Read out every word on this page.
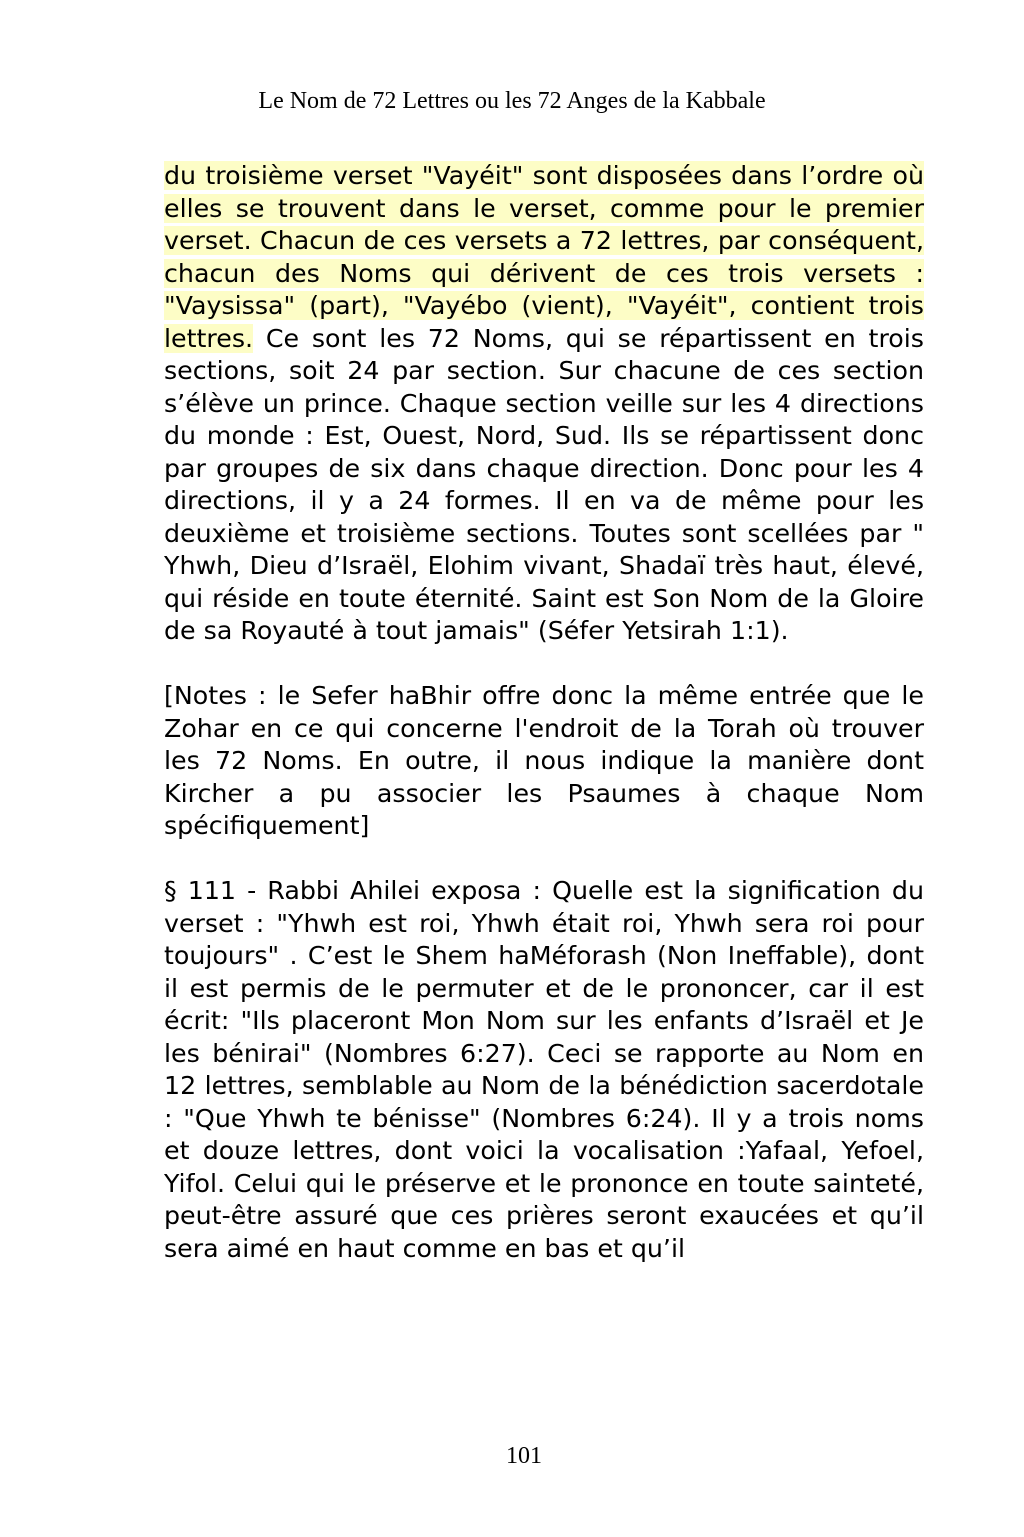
Le Nom de 72 Lettres ou les 72 Anges de la Kabbale

du troisième verset "Vayéit" sont disposées dans l’ordre où elles se trouvent dans le verset, comme pour le premier verset. Chacun de ces versets a 72 lettres, par conséquent, chacun des Noms qui dérivent de ces trois versets : "Vaysissa" (part), "Vayébo (vient), "Vayéit", contient trois lettres. Ce sont les 72 Noms, qui se répartissent en trois sections, soit 24 par section. Sur chacune de ces section s’élève un prince. Chaque section veille sur les 4 directions du monde : Est, Ouest, Nord, Sud. Ils se répartissent donc par groupes de six dans chaque direction. Donc pour les 4 directions, il y a 24 formes. Il en va de même pour les deuxième et troisième sections. Toutes sont scellées par " Yhwh, Dieu d’Israël, Elohim vivant, Shadaï très haut, élevé, qui réside en toute éternité. Saint est Son Nom de la Gloire de sa Royauté à tout jamais" (Séfer Yetsirah 1:1).

[Notes : le Sefer haBhir offre donc la même entrée que le Zohar en ce qui concerne l'endroit de la Torah où trouver les 72 Noms. En outre, il nous indique la manière dont Kircher a pu associer les Psaumes à chaque Nom spécifiquement]

§ 111 - Rabbi Ahilei exposa : Quelle est la signification du verset : "Yhwh est roi, Yhwh était roi, Yhwh sera roi pour toujours" . C’est le Shem haMéforash (Non Ineffable), dont il est permis de le permuter et de le prononcer, car il est écrit: "Ils placeront Mon Nom sur les enfants d’Israël et Je les bénirai" (Nombres 6:27). Ceci se rapporte au Nom en 12 lettres, semblable au Nom de la bénédiction sacerdotale : "Que Yhwh te bénisse" (Nombres 6:24). Il y a trois noms et douze lettres, dont voici la vocalisation :Yafaal, Yefoel, Yifol. Celui qui le préserve et le prononce en toute sainteté, peut-être assuré que ces prières seront exaucées et qu’il sera aimé en haut comme en bas et qu’il

101
